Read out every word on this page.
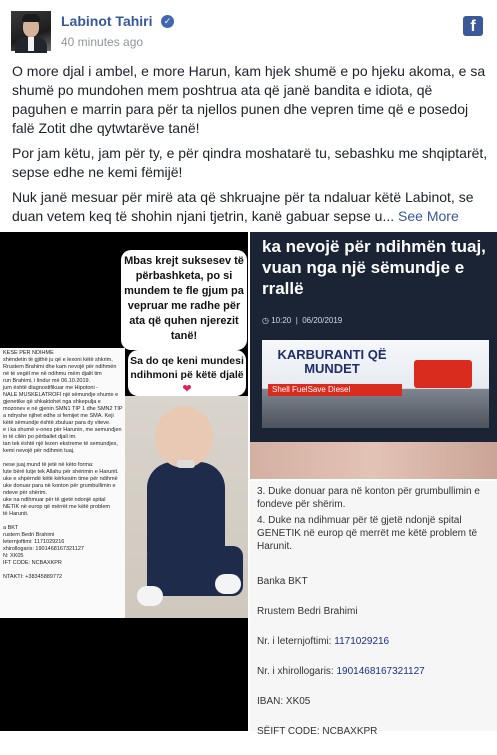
Labinot Tahiri	✓
40 minutes ago
f

O more djal i ambel, e more Harun, kam hjek shumë e po hjeku akoma, e sa shumë po mundohen mem poshtrua ata që janë bandita e idiota, që paguhen e marrin para për ta njellos punen dhe vepren time që e posedoj falë Zotit dhe qytwtarëve tanë!

Por jam këtu, jam për ty, e për qindra moshatarë tu, sebashku me shqiptarët, sepse edhe ne kemi fëmijë!

Nuk janë mesuar për mirë ata që shkruajne për ta ndaluar këtë Labinot, se duan vetem keq të shohin njani tjetrin, kanë gabuar sepse u... See More

Mbas krejt suksesev të përbashketa, po si mundem te fle gjum pa vepruar me radhe për ata që quhen njerezit tanë!
Sa do qe keni mundesi ndihmoni pë këtë djalë ❤
KESE PER NDIHME
shëndetin të gjithë ju që e lexoni këtë shkrim,
Rrustem Brahimi dhe kam nevojë për ndihmën
në të vegël me në ndihmu mëm djalit tim
run Brahimi, i lindur më 06.10.2019.
jum është diagnostifikuar me Hipotoni -
NALE MUSKELATROFI një sëmundje shume e
gjenetike që shkaktohet nga shkepulja e
mozonev e në gjenin SMN1 TIP 1 dhe SMN2 TIP
a ndryshe njihet edhe si femijet me SMA. Keji
këtë sëmundje është zbuluar para dy viteve.
e i ka shumë v-ones për Harunin, me semundjen
in të cilën po përballet djali im.
tan tek është një lezen ekstreme të semundjes,
kemi nevojë për ndihmin tuaj.

nese juaj mund të jetë në këto forma:
lute bërë lutje tek Allahu për shërimin e Harunit.
uke e shpërndë këtë kërkesën time për ndihmë
uke donuar para në konton për grumbullimin e
ndeve për shërim.
uke na ndihmuar për të gjetë ndonjë spital
NETIK në europ që mërrët me këtë problem
të Harunit.

a BKT
rustem Bedri Brahimi
leternjoftimi: 1171029216
xhirollogaris: 1901468167321127
N: XK05
IFT CODE: NCBAXKPR

NTAKTI: +38345889772
ka nevojë për ndihmën tuaj, vuan nga një sëmundje e rrallë
◷ 10:20  |  06/20/2019
KARBURANTI QË MUNDET
Shell FuelSave Diesel
3. Duke donuar para në konton për grumbullimin e fondeve për shërim.
4. Duke na ndihmuar për të gjetë ndonjë spital GENETIK në europ që merrët me këtë problem të Harunit.
Banka BKT
Rrustem Bedri Brahimi
Nr. i leternjoftimi: 1171029216
Nr. i xhirollogaris: 1901468167321127
IBAN: XK05
SËIFT CODE: NCBAXKPR
